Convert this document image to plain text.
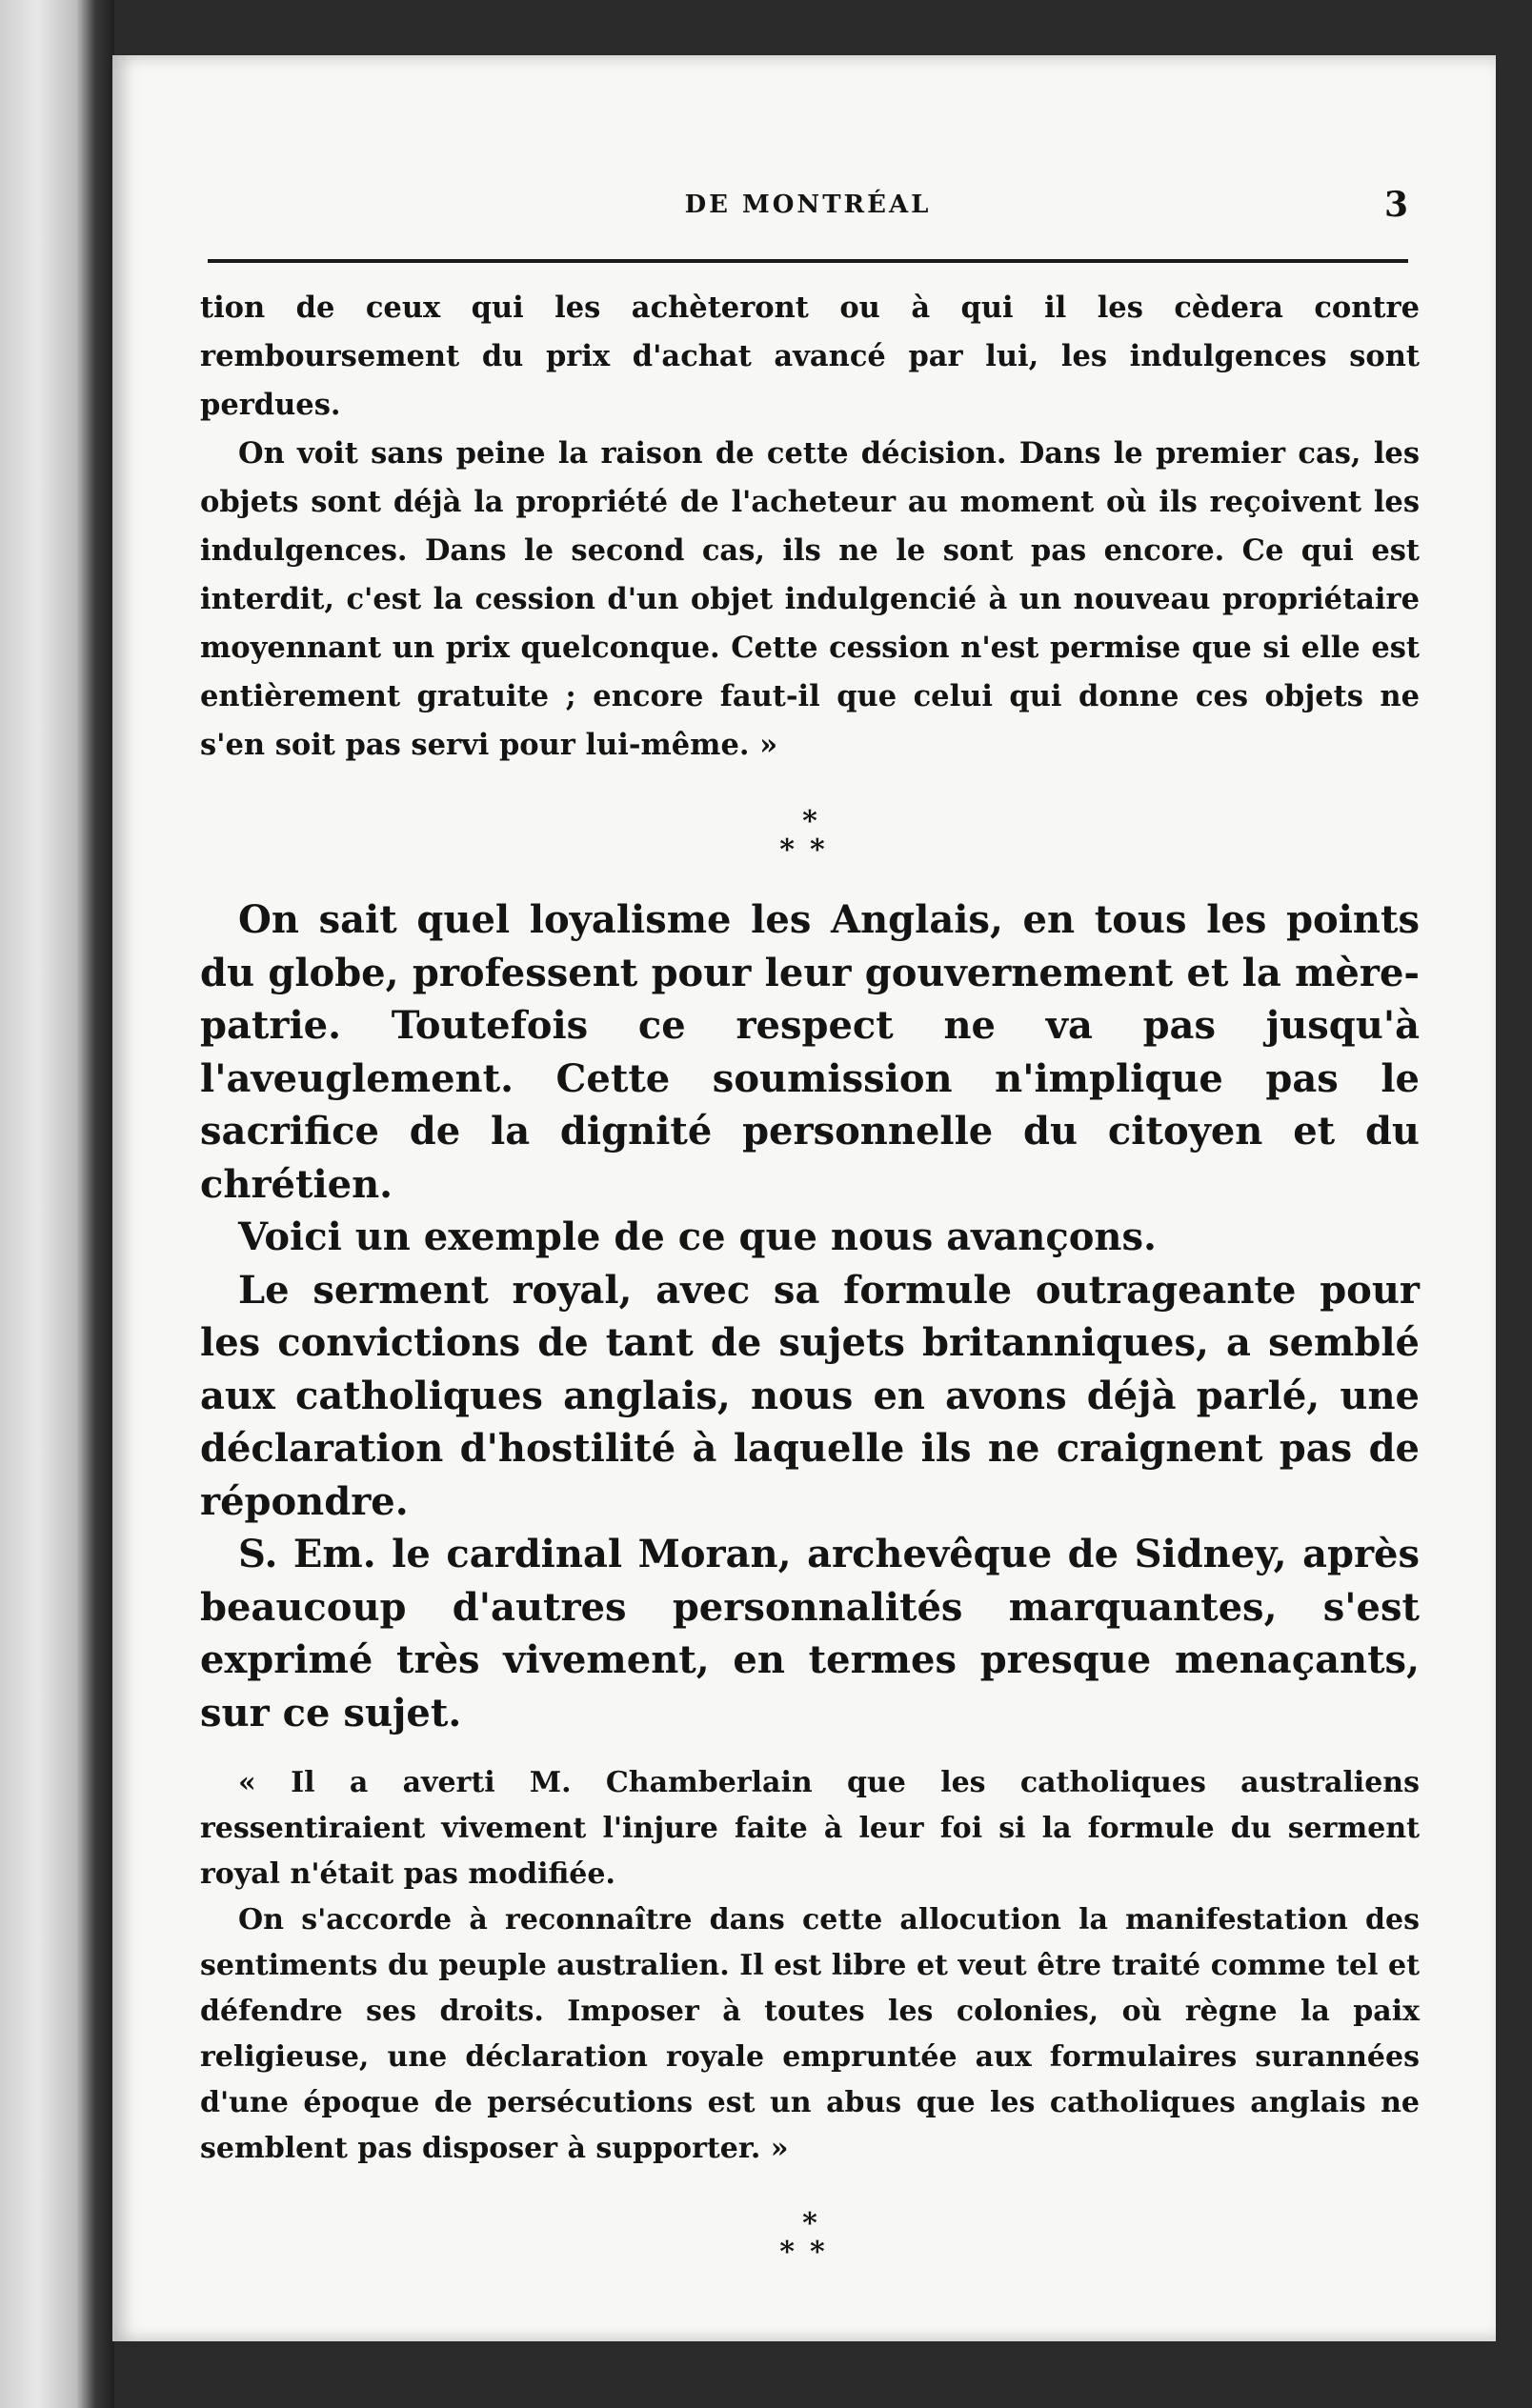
DE MONTRÉAL	3

tion de ceux qui les achèteront ou à qui il les cèdera contre remboursement du prix d'achat avancé par lui, les indulgences sont perdues.

On voit sans peine la raison de cette décision. Dans le premier cas, les objets sont déjà la propriété de l'acheteur au moment où ils reçoivent les indulgences. Dans le second cas, ils ne le sont pas encore. Ce qui est interdit, c'est la cession d'un objet indulgencié à un nouveau propriétaire moyennant un prix quelconque. Cette cession n'est permise que si elle est entièrement gratuite ; encore faut-il que celui qui donne ces objets ne s'en soit pas servi pour lui-même. »

*
**

On sait quel loyalisme les Anglais, en tous les points du globe, professent pour leur gouvernement et la mère-patrie. Toutefois ce respect ne va pas jusqu'à l'aveuglement. Cette soumission n'implique pas le sacrifice de la dignité personnelle du citoyen et du chrétien.

Voici un exemple de ce que nous avançons.

Le serment royal, avec sa formule outrageante pour les convictions de tant de sujets britanniques, a semblé aux catholiques anglais, nous en avons déjà parlé, une déclaration d'hostilité à laquelle ils ne craignent pas de répondre.

S. Em. le cardinal Moran, archevêque de Sidney, après beaucoup d'autres personnalités marquantes, s'est exprimé très vivement, en termes presque menaçants, sur ce sujet.

« Il a averti M. Chamberlain que les catholiques australiens ressentiraient vivement l'injure faite à leur foi si la formule du serment royal n'était pas modifiée.

On s'accorde à reconnaître dans cette allocution la manifestation des sentiments du peuple australien. Il est libre et veut être traité comme tel et défendre ses droits. Imposer à toutes les colonies, où règne la paix religieuse, une déclaration royale empruntée aux formulaires surannées d'une époque de persécutions est un abus que les catholiques anglais ne semblent pas disposer à supporter. »

*
**
